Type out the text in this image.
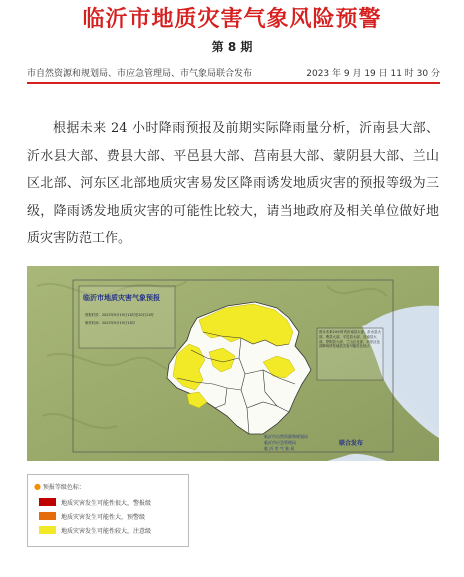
临沂市地质灾害气象风险预警
第 8 期
市自然资源和规划局、市应急管理局、市气象局联合发布	2023 年 9 月 19 日 11 时 30 分
根据未来 24 小时降雨预报及前期实际降雨量分析，沂南县大部、沂水县大部、费县大部、平邑县大部、莒南县大部、蒙阴县大部、兰山区北部、河东区北部地质灾害易发区降雨诱发地质灾害的预报等级为三级，降雨诱发地质灾害的可能性比较大，请当地政府及相关单位做好地质灾害防范工作。
临沂市地质灾害气象预报
预报时效：2023年9月19日11时至20日11时
制作时间：2023年9月19日11时
预计未来24小时内沂南县大部、沂水县大部、费县大部、平邑县大部、莒南县大部、蒙阴县大部、兰山区北部、河东区北部降雨诱发地质灾害可能性比较大
临沂市自然资源和规划局
临沂市应急管理局
临 沂 市 气 象 局
联合发布
● 预报等级色标：
地质灾害发生可能性很大，警报级
地质灾害发生可能性大，预警级
地质灾害发生可能性较大，注意级
